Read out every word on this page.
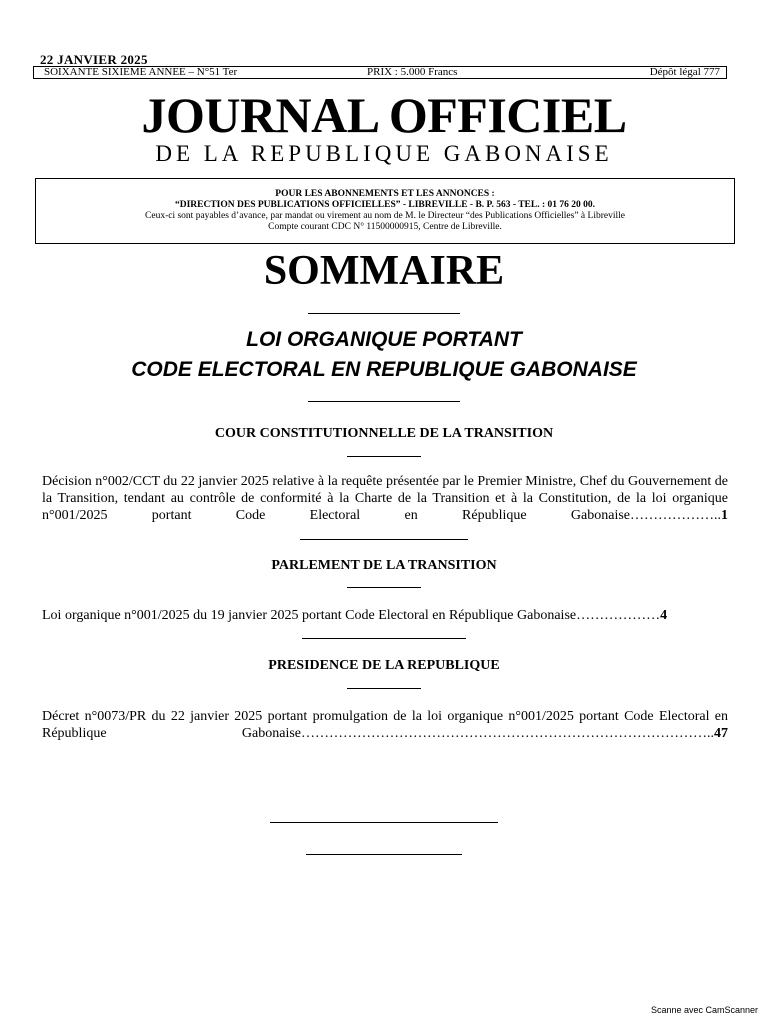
22 JANVIER 2025
SOIXANTE SIXIEME ANNEE – N°51 Ter	PRIX : 5.000 Francs	Dépôt légal 777
JOURNAL OFFICIEL
DE LA REPUBLIQUE GABONAISE
POUR LES ABONNEMENTS ET LES ANNONCES :
“DIRECTION DES PUBLICATIONS OFFICIELLES” - LIBREVILLE - B. P. 563 - TEL. : 01 76 20 00.
Ceux-ci sont payables d’avance, par mandat ou virement au nom de M. le Directeur “des Publications Officielles” à Libreville
Compte courant CDC N° 11500000915, Centre de Libreville.
SOMMAIRE
LOI ORGANIQUE PORTANT
CODE ELECTORAL EN REPUBLIQUE GABONAISE
COUR CONSTITUTIONNELLE DE LA TRANSITION
Décision n°002/CCT du 22 janvier 2025 relative à la requête présentée par le Premier Ministre, Chef du Gouvernement de la Transition, tendant au contrôle de conformité à la Charte de la Transition et à la Constitution, de la loi organique n°001/2025 portant Code Electoral en République Gabonaise………………..1
PARLEMENT DE LA TRANSITION
Loi organique n°001/2025 du 19 janvier 2025 portant Code Electoral en République Gabonaise………………4
PRESIDENCE DE LA REPUBLIQUE
Décret n°0073/PR du 22 janvier 2025 portant promulgation de la loi organique n°001/2025 portant Code Electoral en République Gabonaise……………………………………………………………………………..47
Scanne avec CamScanner
